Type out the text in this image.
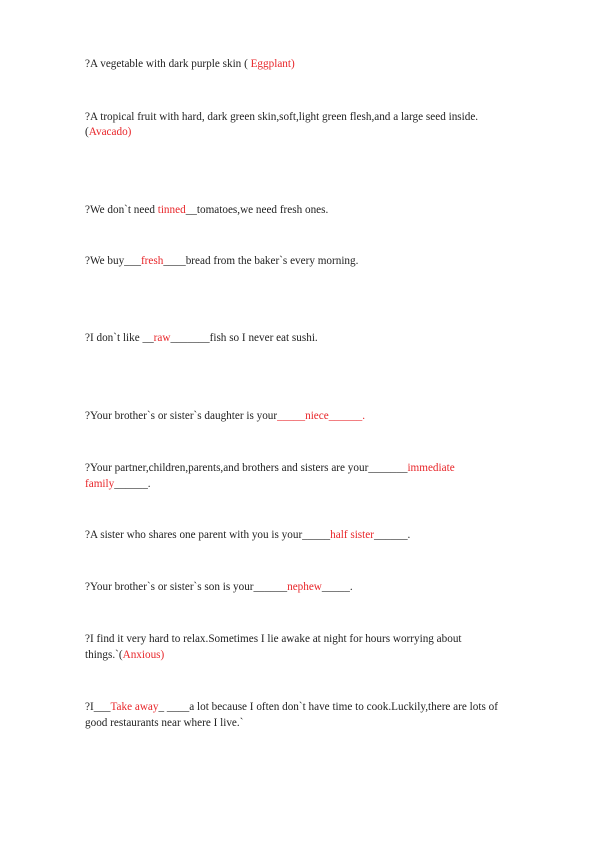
?A vegetable with dark purple skin ( Eggplant)
?A tropical fruit with hard, dark green skin,soft,light green flesh,and a large seed inside.
(Avacado)
?We don`t need tinned__tomatoes,we need fresh ones.
?We buy___fresh____bread from the baker`s every morning.
?I don`t like __raw_______fish so I never eat sushi.
?Your brother`s or sister`s daughter is your_____niece______.
?Your partner,children,parents,and brothers and sisters are your_______immediate
family______.
?A sister who shares one parent with you is your_____half sister______.
?Your brother`s or sister`s son is your______nephew_____.
?I find it very hard to relax.Sometimes I lie awake at night for hours worrying about
things.`(Anxious)
?I___Take away_ ____a lot because I often don`t have time to cook.Luckily,there are lots of
good restaurants near where I live.`
